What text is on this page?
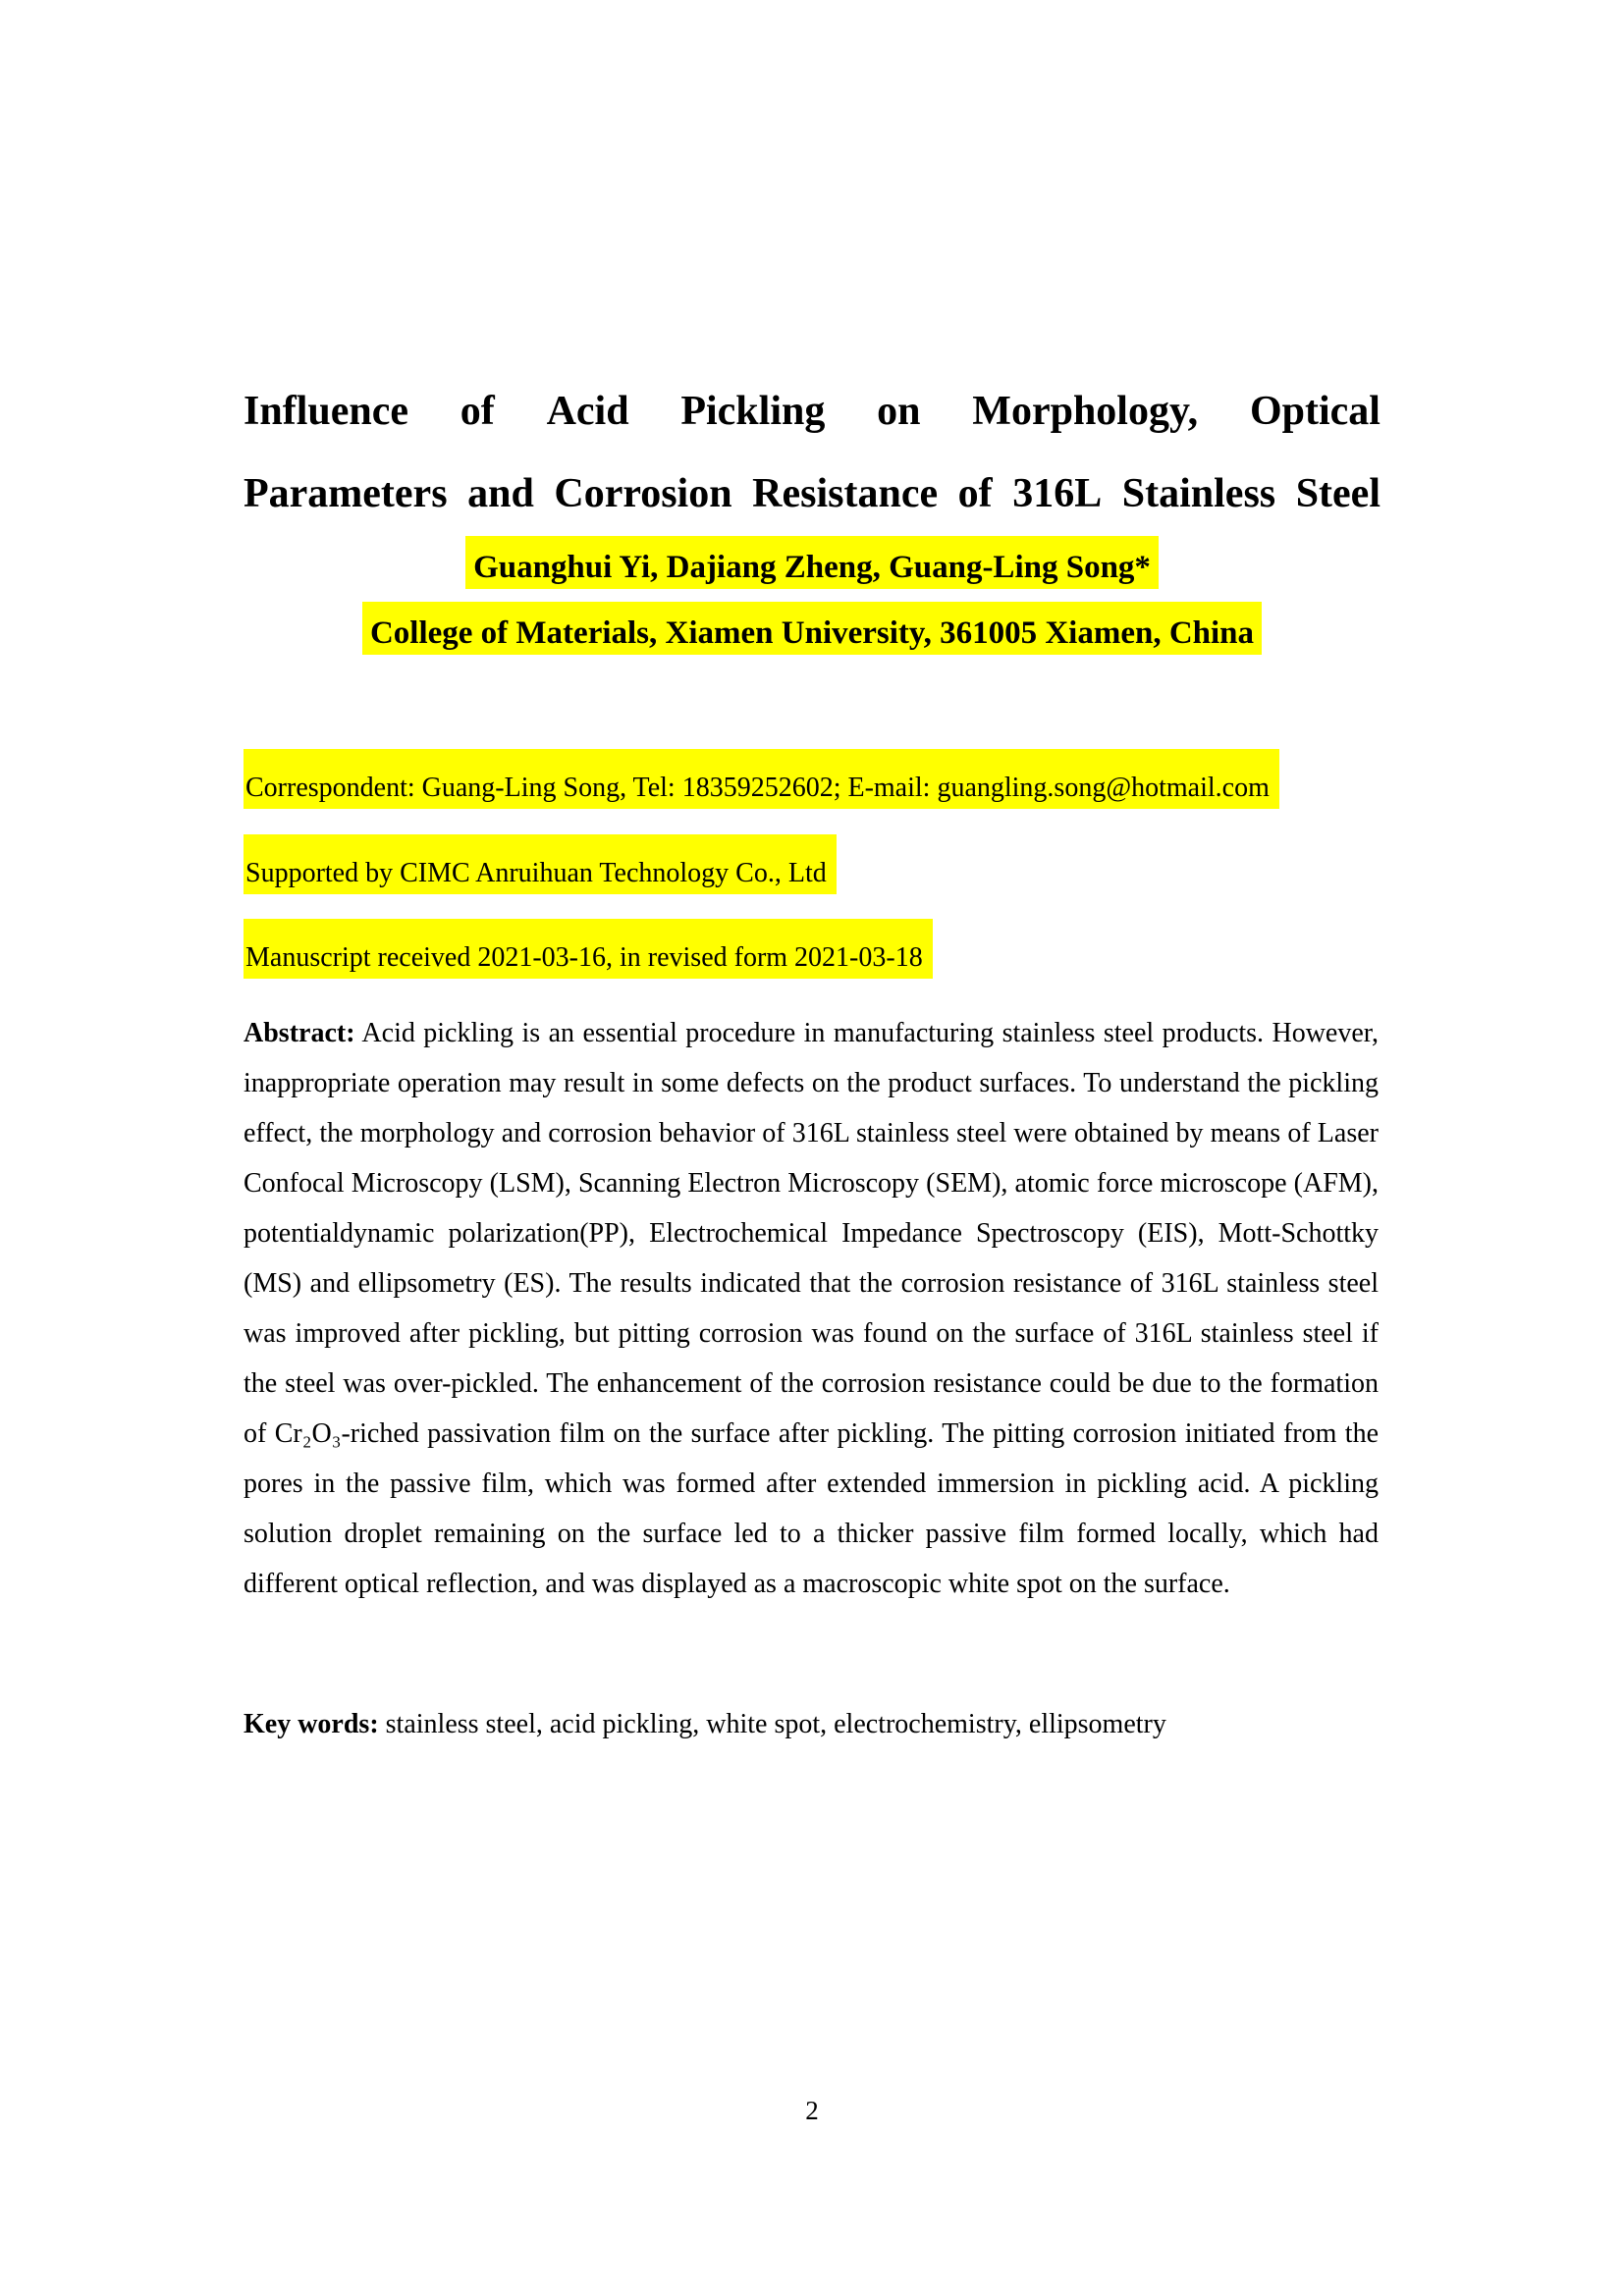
Influence of Acid Pickling on Morphology, Optical
Parameters and Corrosion Resistance of 316L Stainless Steel
Guanghui Yi, Dajiang Zheng, Guang-Ling Song*
College of Materials, Xiamen University, 361005 Xiamen, China
Correspondent: Guang-Ling Song, Tel: 18359252602; E-mail: guangling.song@hotmail.com
Supported by CIMC Anruihuan Technology Co., Ltd
Manuscript received 2021-03-16, in revised form 2021-03-18

Abstract: Acid pickling is an essential procedure in manufacturing stainless steel products. However, inappropriate operation may result in some defects on the product surfaces. To understand the pickling effect, the morphology and corrosion behavior of 316L stainless steel were obtained by means of Laser Confocal Microscopy (LSM), Scanning Electron Microscopy (SEM), atomic force microscope (AFM), potentialdynamic polarization(PP), Electrochemical Impedance Spectroscopy (EIS), Mott-Schottky (MS) and ellipsometry (ES). The results indicated that the corrosion resistance of 316L stainless steel was improved after pickling, but pitting corrosion was found on the surface of 316L stainless steel if the steel was over-pickled. The enhancement of the corrosion resistance could be due to the formation of Cr₂O₃-riched passivation film on the surface after pickling. The pitting corrosion initiated from the pores in the passive film, which was formed after extended immersion in pickling acid. A pickling solution droplet remaining on the surface led to a thicker passive film formed locally, which had different optical reflection, and was displayed as a macroscopic white spot on the surface.

Key words: stainless steel, acid pickling, white spot, electrochemistry, ellipsometry

2
